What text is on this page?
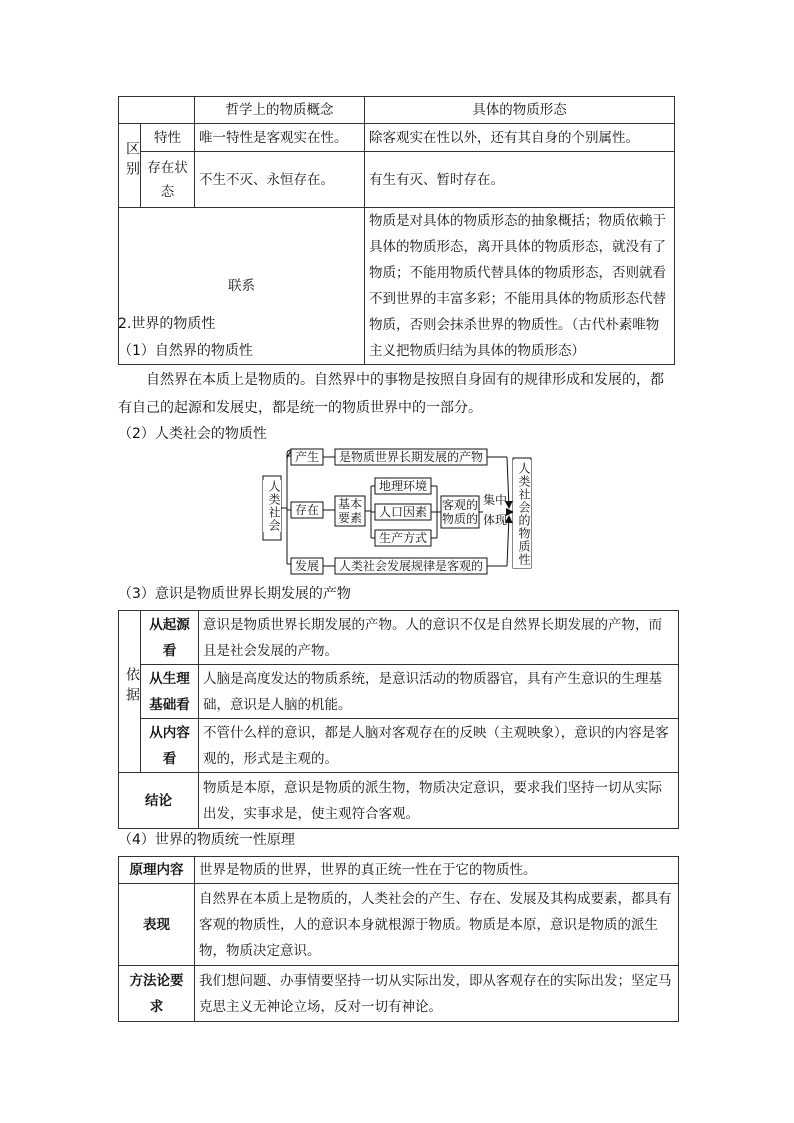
		哲学上的物质概念	具体的物质形态
区别	特性	唯一特性是客观实在性。	除客观实在性以外，还有其自身的个别属性。
	存在状态	不生不灭、永恒存在。	有生有灭、暂时存在。
联系			物质是对具体的物质形态的抽象概括；物质依赖于具体的物质形态，离开具体的物质形态，就没有了物质；不能用物质代替具体的物质形态，否则就看不到世界的丰富多彩；不能用具体的物质形态代替物质，否则会抹杀世界的物质性。（古代朴素唯物主义把物质归结为具体的物质形态）
2.世界的物质性
（1）自然界的物质性
自然界在本质上是物质的。自然界中的事物是按照自身固有的规律形成和发展的，都有自己的起源和发展史，都是统一的物质世界中的一部分。
（2）人类社会的物质性
产生 是物质世界长期发展的产物
存在 基本
要素
地理环境
人口因素
生产方式
客观的
物质的
集中
体现
发展 人类社会发展规律是客观的
人类社会	人类社会的物质性
（3）意识是物质世界长期发展的产物
依据	从起源看	意识是物质世界长期发展的产物。人的意识不仅是自然界长期发展的产物，而且是社会发展的产物。
	从生理基础看	人脑是高度发达的物质系统，是意识活动的物质器官，具有产生意识的生理基础，意识是人脑的机能。
	从内容看	不管什么样的意识，都是人脑对客观存在的反映（主观映象），意识的内容是客观的，形式是主观的。
结论		物质是本原，意识是物质的派生物，物质决定意识，要求我们坚持一切从实际出发，实事求是，使主观符合客观。
（4）世界的物质统一性原理
原理内容	世界是物质的世界，世界的真正统一性在于它的物质性。
表现	自然界在本质上是物质的，人类社会的产生、存在、发展及其构成要素，都具有客观的物质性，人的意识本身就根源于物质。物质是本原，意识是物质的派生物，物质决定意识。
方法论要求	我们想问题、办事情要坚持一切从实际出发，即从客观存在的实际出发；坚定马克思主义无神论立场，反对一切有神论。
